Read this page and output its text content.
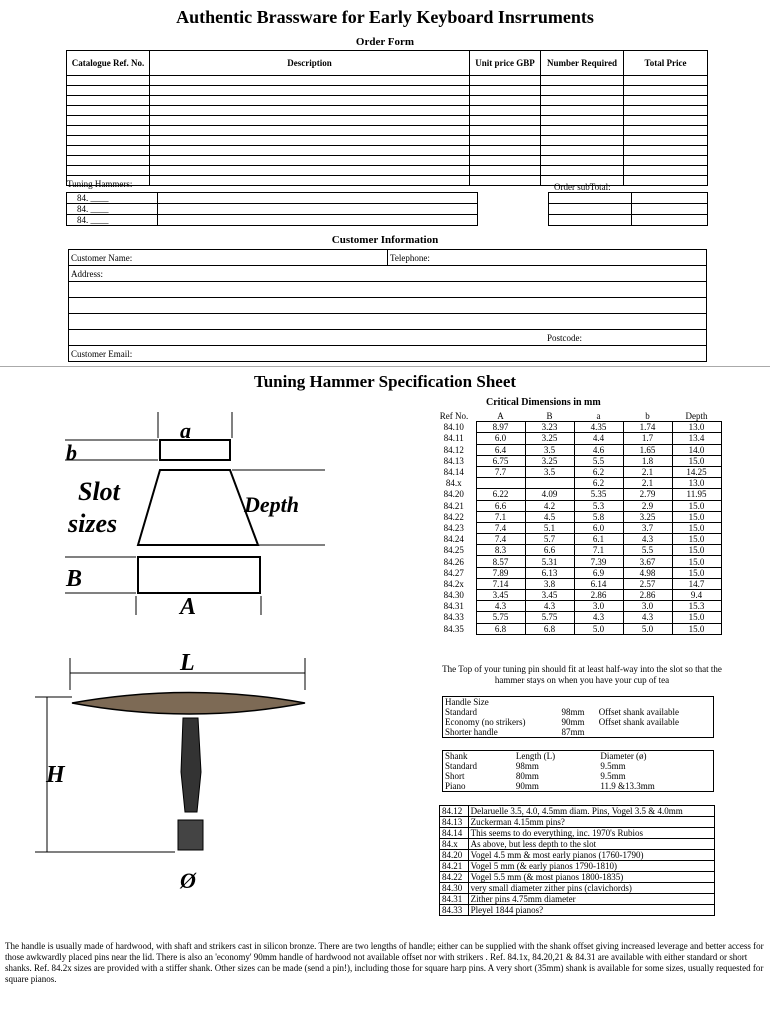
Authentic Brassware for Early Keyboard Insrruments
Order Form
Catalogue Ref. No.	Description	Unit price GBP	Number Required	Total Price

Tuning Hammers:	Order subTotal:
84. ____				
84. ____				
84. ____				
Customer Information
Customer Name:	Telephone:
Address:

Postcode:
Customer Email:
Tuning Hammer Specification Sheet
Critical Dimensions in mm
a
b
Slot
sizes
Depth
B
A
L
H
Ø
Ref No.	A	B	a	b	Depth
84.10	8.97	3.23	4.35	1.74	13.0
84.11	6.0	3.25	4.4	1.7	13.4
84.12	6.4	3.5	4.6	1.65	14.0
84.13	6.75	3.25	5.5	1.8	15.0
84.14	7.7	3.5	6.2	2.1	14.25
84.x			6.2	2.1	13.0
84.20	6.22	4.09	5.35	2.79	11.95
84.21	6.6	4.2	5.3	2.9	15.0
84.22	7.1	4.5	5.8	3.25	15.0
84.23	7.4	5.1	6.0	3.7	15.0
84.24	7.4	5.7	6.1	4.3	15.0
84.25	8.3	6.6	7.1	5.5	15.0
84.26	8.57	5.31	7.39	3.67	15.0
84.27	7.89	6.13	6.9	4.98	15.0
84.2x	7.14	3.8	6.14	2.57	14.7
84.30	3.45	3.45	2.86	2.86	9.4
84.31	4.3	4.3	3.0	3.0	15.3
84.33	5.75	5.75	4.3	4.3	15.0
84.35	6.8	6.8	5.0	5.0	15.0
The Top of your tuning pin should fit at least half-way into the slot so that the hammer stays on when you have your cup of tea
Handle Size		
Standard	98mm	Offset shank available
Economy (no strikers)	90mm	Offset shank available
Shorter handle	87mm	
Shank	Length (L)	Diameter (ø)
Standard	98mm	9.5mm
Short	80mm	9.5mm
Piano	90mm	11.9 &13.3mm
84.12	Delaruelle 3.5, 4.0, 4.5mm diam. Pins, Vogel 3.5 & 4.0mm
84.13	Zuckerman 4.15mm pins?
84.14	This seems to do everything, inc. 1970's Rubios
84.x	As above, but less depth to the slot
84.20	Vogel 4.5 mm & most early pianos (1760-1790)
84.21	Vogel 5 mm (& early pianos 1790-1810)
84.22	Vogel 5.5 mm (& most pianos 1800-1835)
84.30	very small diameter zither pins (clavichords)
84.31	Zither pins 4.75mm diameter
84.33	Pleyel 1844 pianos?
The handle is usually made of hardwood, with shaft and strikers cast in silicon bronze. There are two lengths of handle; either can be supplied with the shank offset giving increased leverage and better access for those awkwardly placed pins near the lid. There is also an 'economy' 90mm handle of hardwood not available offset nor with strikers . Ref. 84.1x, 84.20,21 & 84.31 are available with either standard or short shanks. Ref. 84.2x sizes are provided with a stiffer shank. Other sizes can be made (send a pin!), including those for square harp pins. A very short (35mm) shank is available for some sizes, usually requested for square pianos.
